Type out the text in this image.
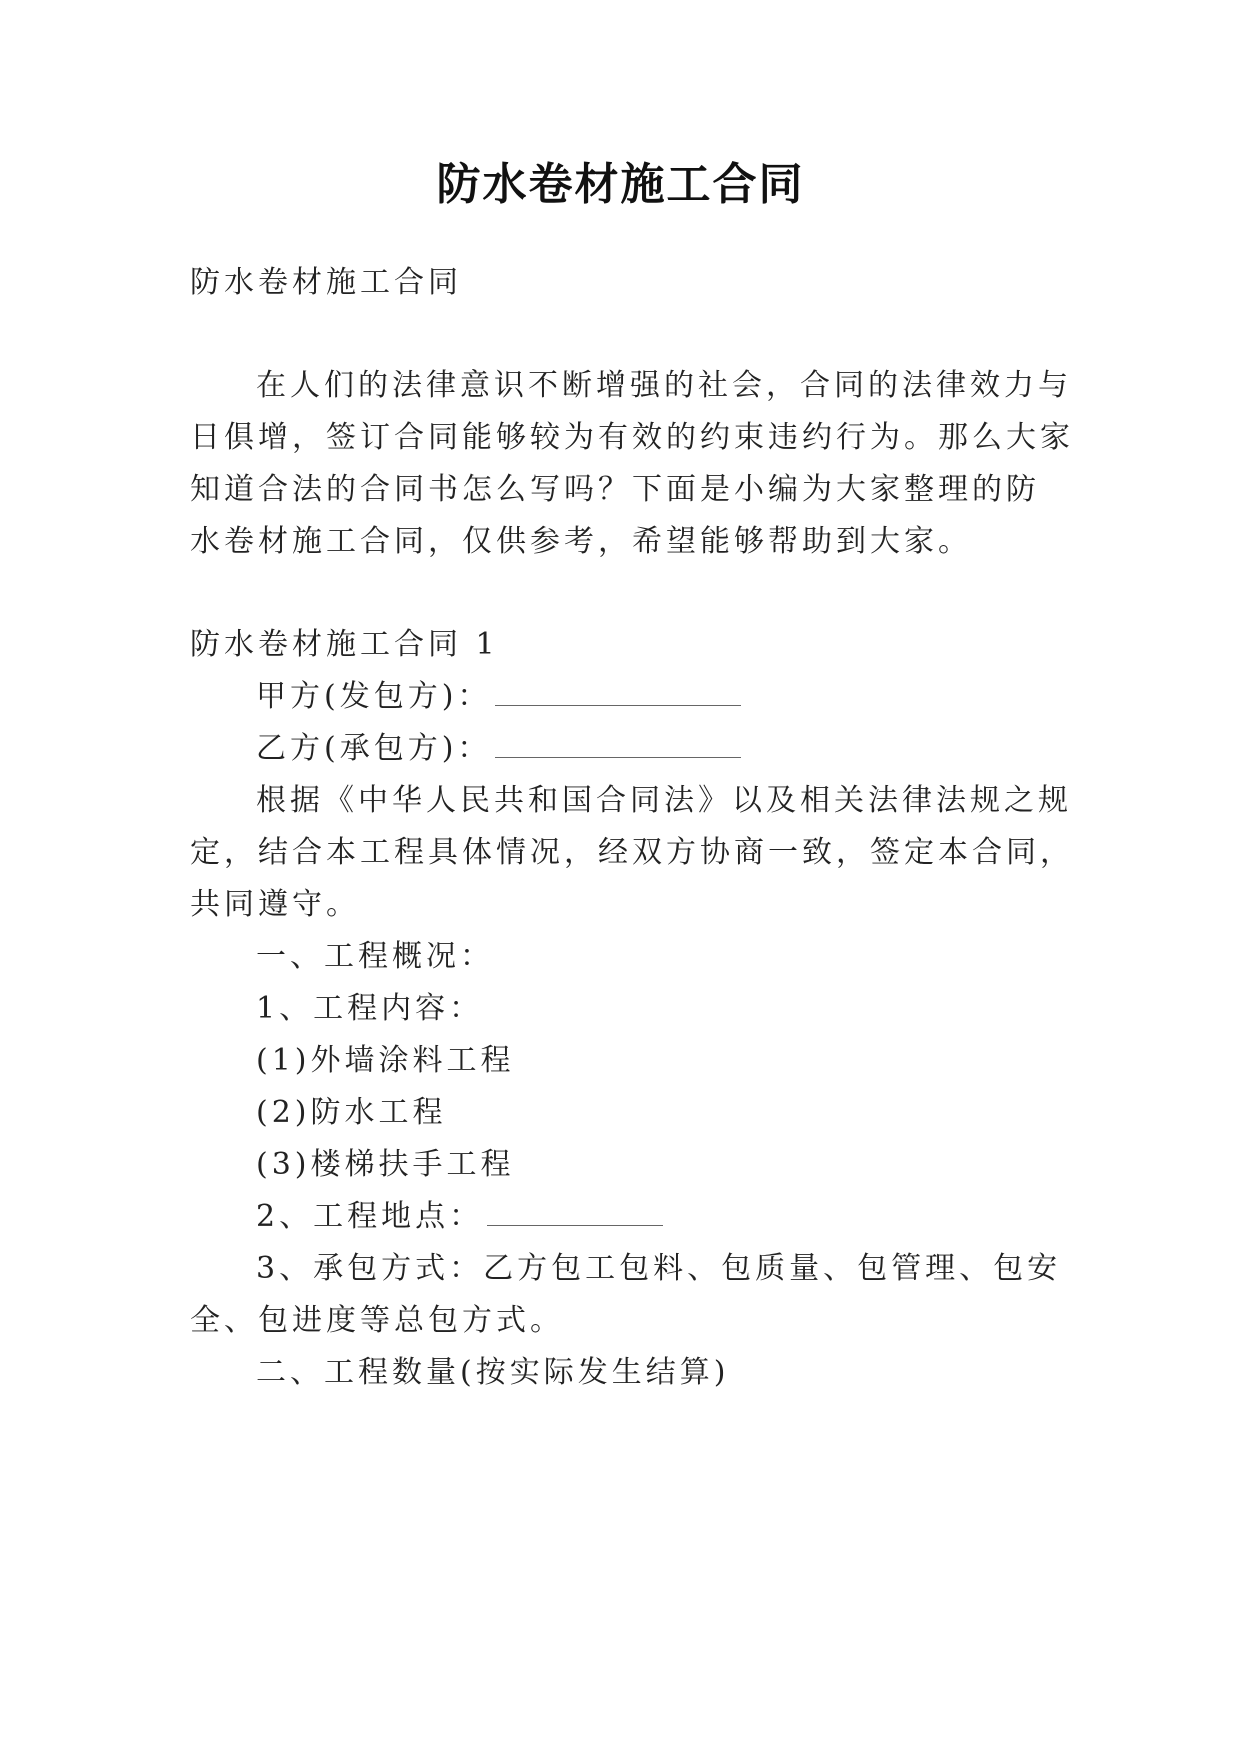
防水卷材施工合同
防水卷材施工合同
在人们的法律意识不断增强的社会，合同的法律效力与
日俱增，签订合同能够较为有效的约束违约行为。那么大家
知道合法的合同书怎么写吗？下面是小编为大家整理的防
水卷材施工合同，仅供参考，希望能够帮助到大家。
防水卷材施工合同 1
甲方(发包方)：
乙方(承包方)：
根据《中华人民共和国合同法》以及相关法律法规之规
定，结合本工程具体情况，经双方协商一致，签定本合同，
共同遵守。
一、工程概况：
1、工程内容：
(1)外墙涂料工程
(2)防水工程
(3)楼梯扶手工程
2、工程地点：
3、承包方式：乙方包工包料、包质量、包管理、包安
全、包进度等总包方式。
二、工程数量(按实际发生结算)
